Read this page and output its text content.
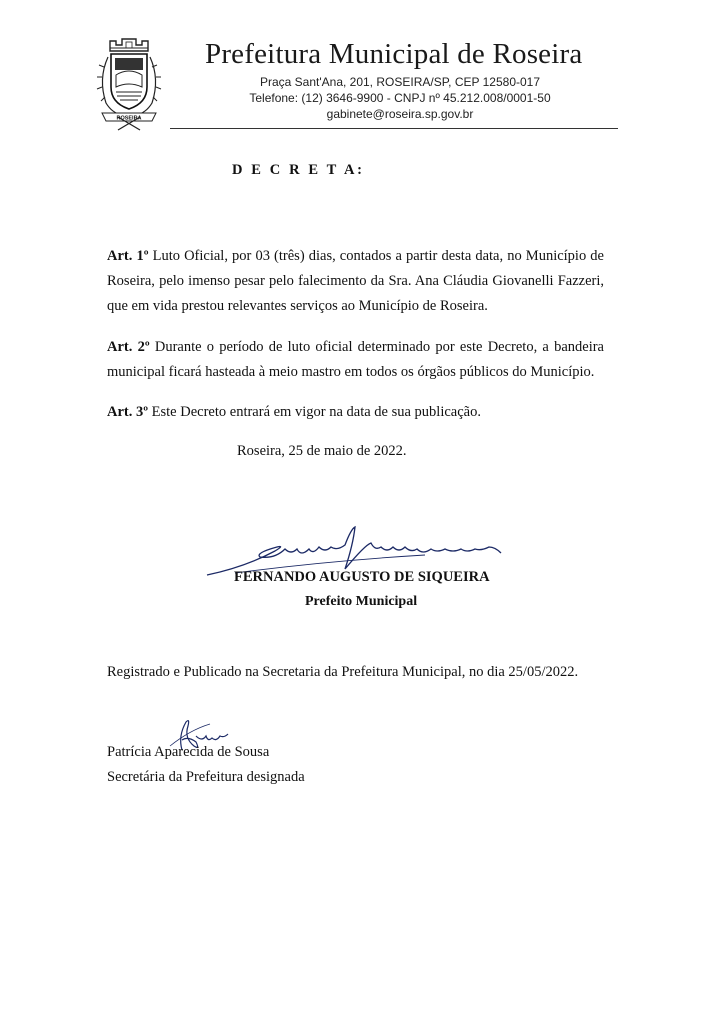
ROSEIRA
Prefeitura Municipal de Roseira
Praça Sant'Ana, 201, ROSEIRA/SP, CEP 12580-017
Telefone: (12) 3646-9900 - CNPJ nº 45.212.008/0001-50
gabinete@roseira.sp.gov.br
D E C R E T A:

Art. 1º Luto Oficial, por 03 (três) dias, contados a partir desta data, no Município de Roseira, pelo imenso pesar pelo falecimento da Sra. Ana Cláudia Giovanelli Fazzeri, que em vida prestou relevantes serviços ao Município de Roseira.

Art. 2º Durante o período de luto oficial determinado por este Decreto, a bandeira municipal ficará hasteada à meio mastro em todos os órgãos públicos do Município.

Art. 3º Este Decreto entrará em vigor na data de sua publicação.

Roseira, 25 de maio de 2022.
FERNANDO AUGUSTO DE SIQUEIRA
Prefeito Municipal
Registrado e Publicado na Secretaria da Prefeitura Municipal, no dia 25/05/2022.
Patrícia Aparecida de Sousa
Secretária da Prefeitura designada
